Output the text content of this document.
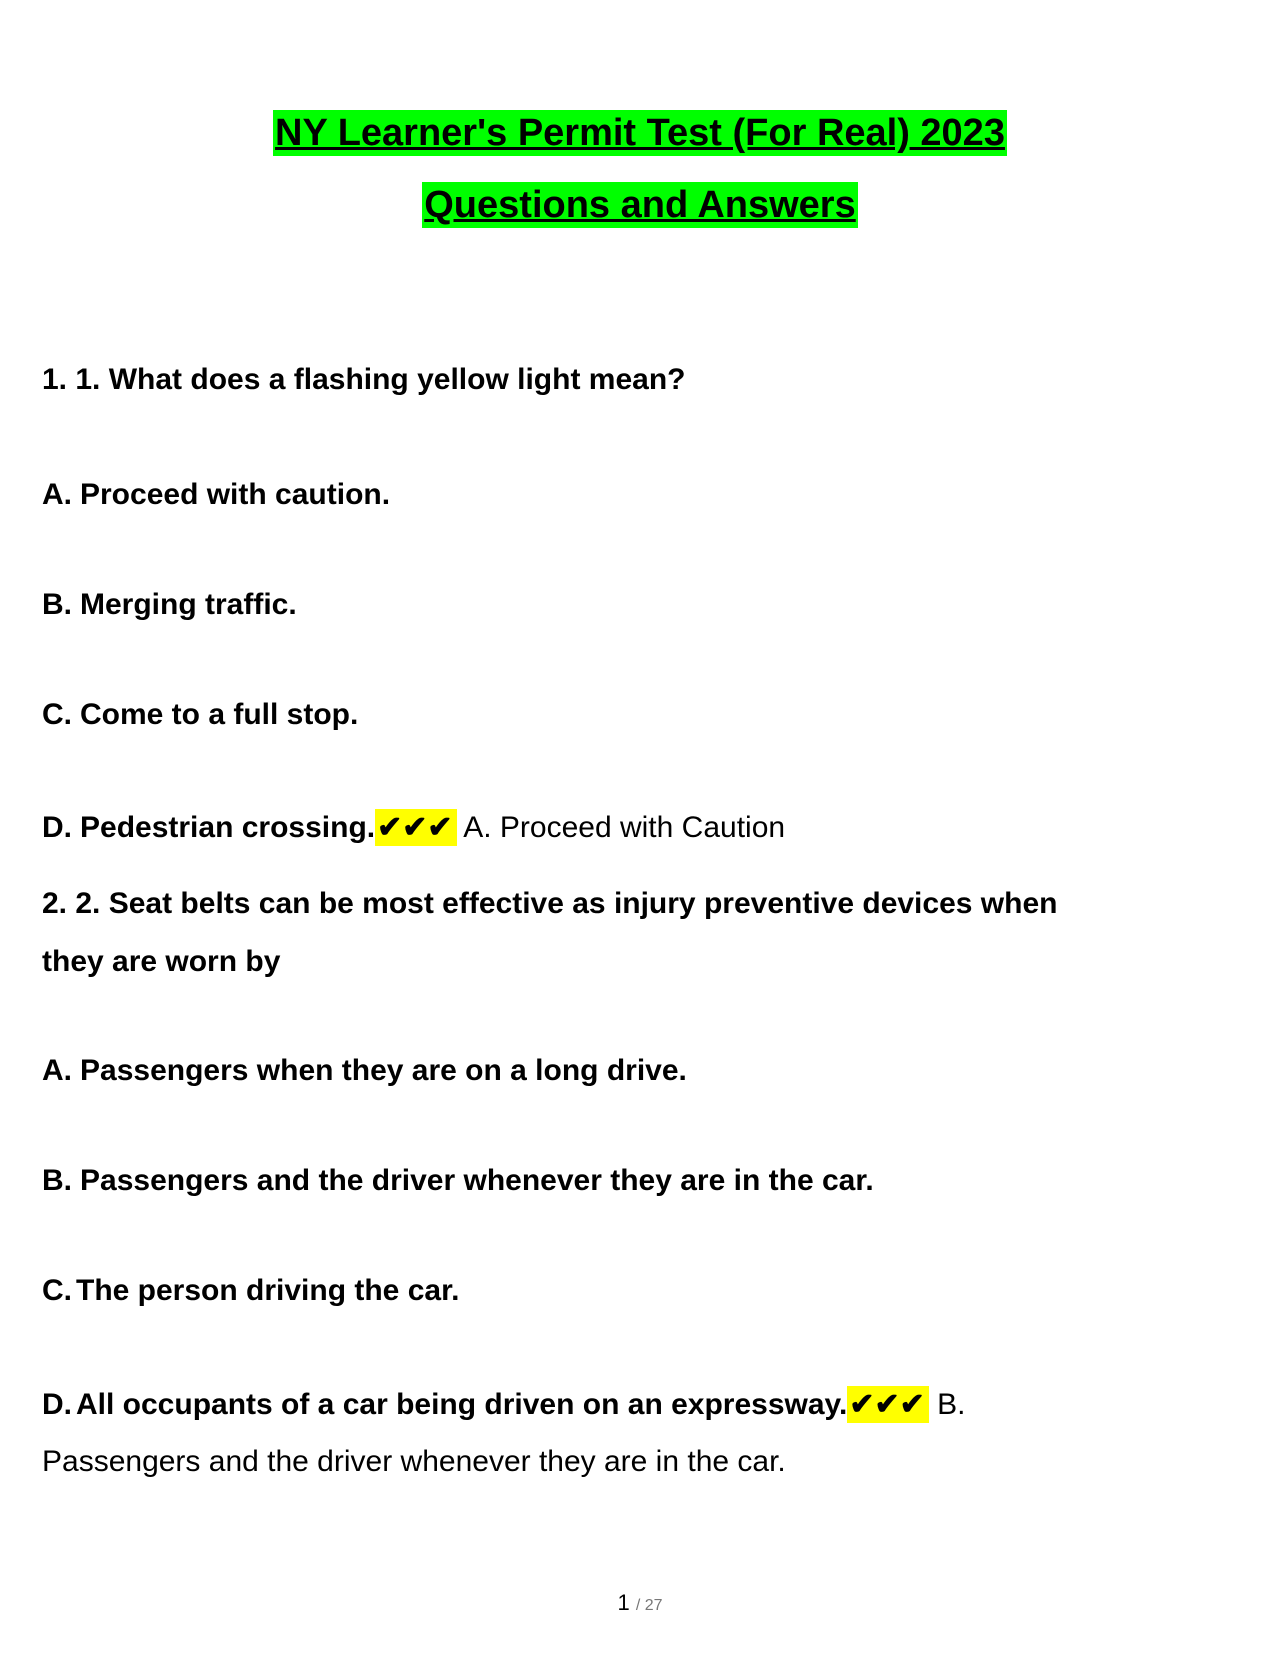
NY Learner's Permit Test (For Real) 2023
Questions and Answers
1. 1. What does a flashing yellow light mean?
A. Proceed with caution.
B. Merging traffic.
C. Come to a full stop.
D. Pedestrian crossing.✔✔✔ A. Proceed with Caution
2. 2. Seat belts can be most effective as injury preventive devices when
they are worn by
A. Passengers when they are on a long drive.
B. Passengers and the driver whenever they are in the car.
C. The person driving the car.
D. All occupants of a car being driven on an expressway.✔✔✔ B.
Passengers and the driver whenever they are in the car.
1 / 27
